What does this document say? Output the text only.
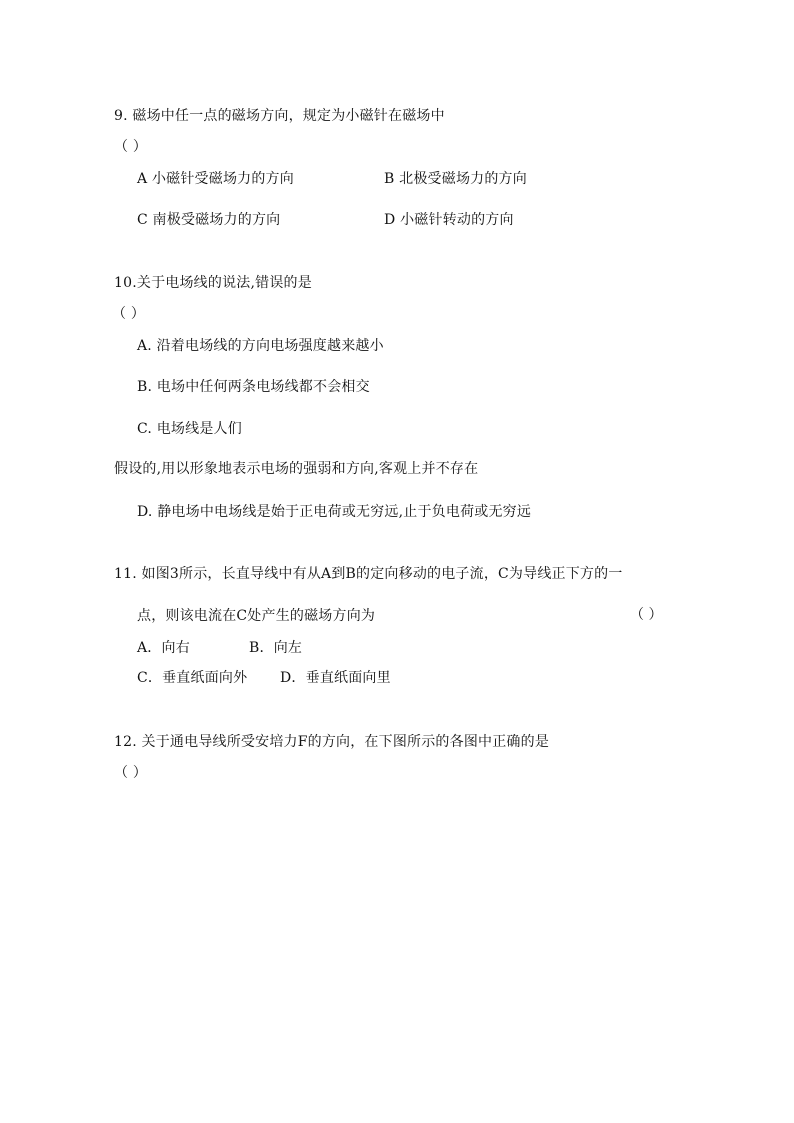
9. 磁场中任一点的磁场方向，规定为小磁针在磁场中
（ ）
A 小磁针受磁场力的方向	B 北极受磁场力的方向
C 南极受磁场力的方向	D 小磁针转动的方向
10.关于电场线的说法,错误的是
（ ）
A. 沿着电场线的方向电场强度越来越小
B. 电场中任何两条电场线都不会相交
C. 电场线是人们
假设的,用以形象地表示电场的强弱和方向,客观上并不存在
D. 静电场中电场线是始于正电荷或无穷远,止于负电荷或无穷远
11. 如图3所示，长直导线中有从A到B的定向移动的电子流，C为导线正下方的一
点，则该电流在C处产生的磁场方向为	（ ）
A．向右	B．向左
C．垂直纸面向外 D．垂直纸面向里
12. 关于通电导线所受安培力F的方向，在下图所示的各图中正确的是
（ ）
